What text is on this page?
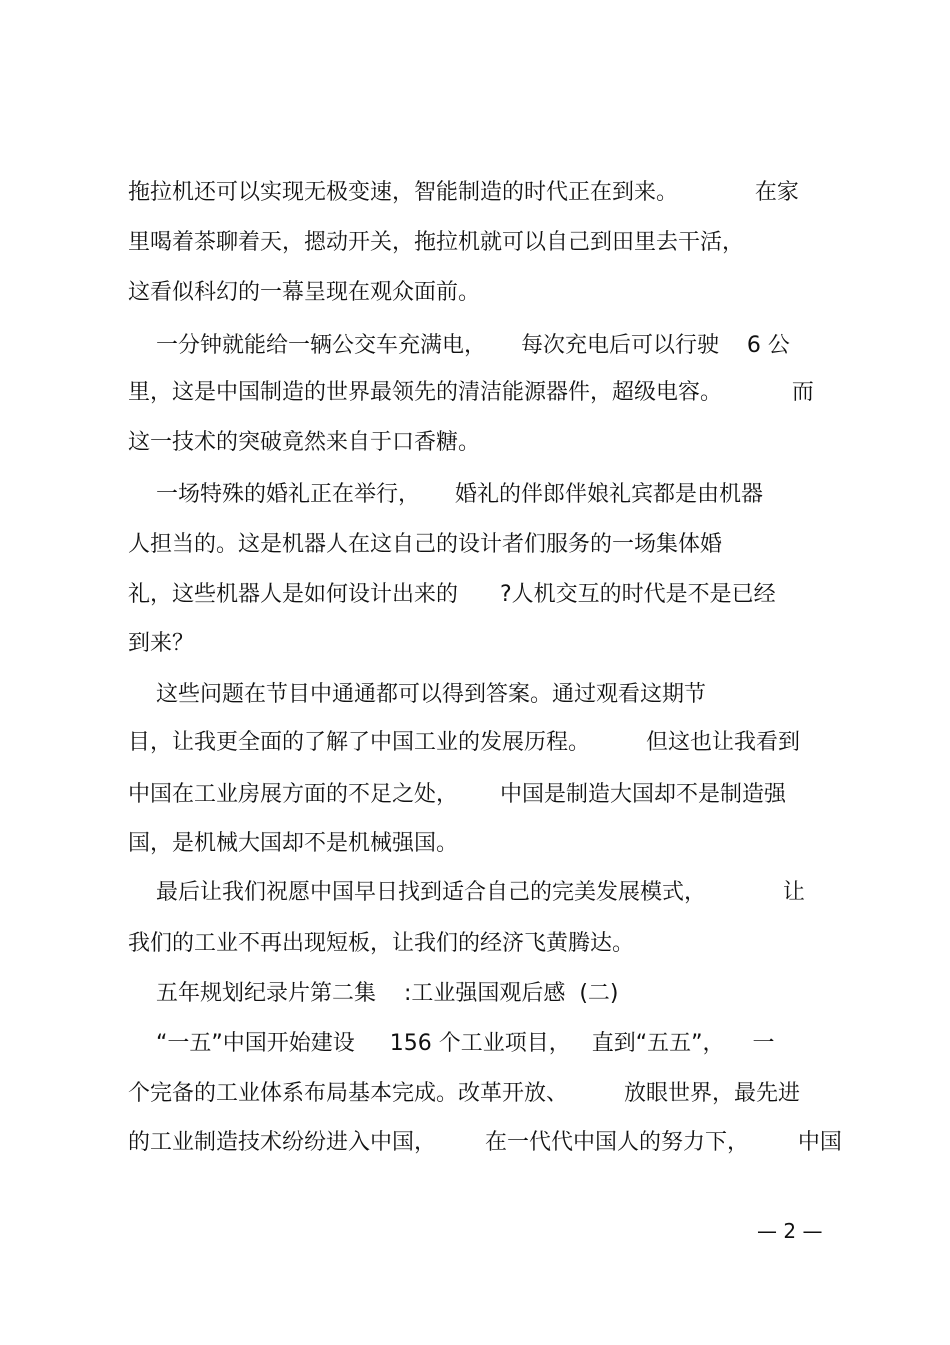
拖拉机还可以实现无极变速，智能制造的时代正在到来。           在家
里喝着茶聊着天，摁动开关，拖拉机就可以自己到田里去干活，
这看似科幻的一幕呈现在观众面前。
一分钟就能给一辆公交车充满电，     每次充电后可以行驶    6 公
里，这是中国制造的世界最领先的清洁能源器件，超级电容。          而
这一技术的突破竟然来自于口香糖。
一场特殊的婚礼正在举行，     婚礼的伴郎伴娘礼宾都是由机器
人担当的。这是机器人在这自己的设计者们服务的一场集体婚
礼，这些机器人是如何设计出来的      ?人机交互的时代是不是已经
到来？
这些问题在节目中通通都可以得到答案。通过观看这期节
目，让我更全面的了解了中国工业的发展历程。        但这也让我看到
中国在工业房展方面的不足之处，      中国是制造大国却不是制造强
国，是机械大国却不是机械强国。
最后让我们祝愿中国早日找到适合自己的完美发展模式，           让
我们的工业不再出现短板，让我们的经济飞黄腾达。
五年规划纪录片第二集    :工业强国观后感  (二)
“一五”中国开始建设     156 个工业项目，   直到“五五”，    一
个完备的工业体系布局基本完成。改革开放、        放眼世界，最先进
的工业制造技术纷纷进入中国，       在一代代中国人的努力下，       中国
— 2 —
